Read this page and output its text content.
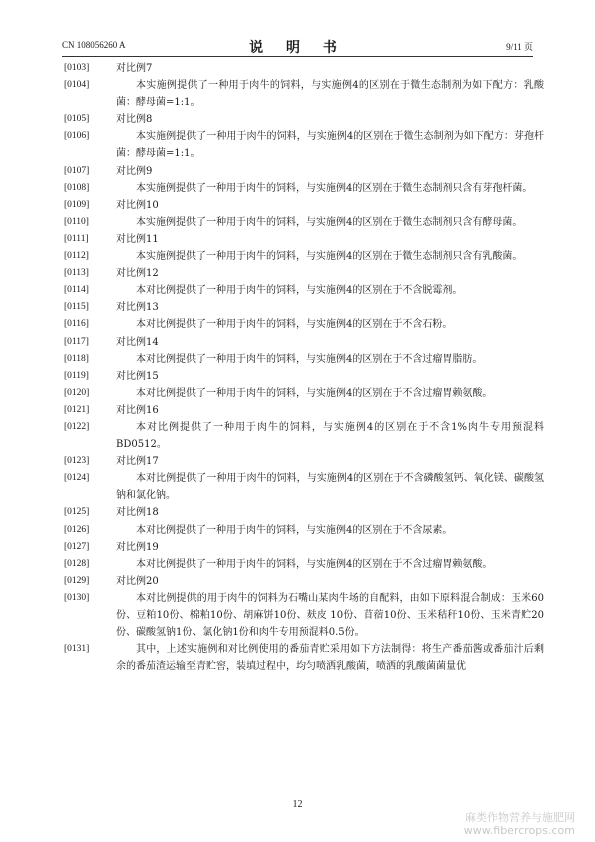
CN 108056260 A	说 明 书	9/11 页
[0103]	对比例7
[0104]	本实施例提供了一种用于肉牛的饲料，与实施例4的区别在于微生态制剂为如下配方：乳酸菌：酵母菌=1:1。
[0105]	对比例8
[0106]	本实施例提供了一种用于肉牛的饲料，与实施例4的区别在于微生态制剂为如下配方：芽孢杆菌：酵母菌=1:1。
[0107]	对比例9
[0108]	本实施例提供了一种用于肉牛的饲料，与实施例4的区别在于微生态制剂只含有芽孢杆菌。
[0109]	对比例10
[0110]	本实施例提供了一种用于肉牛的饲料，与实施例4的区别在于微生态制剂只含有酵母菌。
[0111]	对比例11
[0112]	本实施例提供了一种用于肉牛的饲料，与实施例4的区别在于微生态制剂只含有乳酸菌。
[0113]	对比例12
[0114]	本对比例提供了一种用于肉牛的饲料，与实施例4的区别在于不含脱霉剂。
[0115]	对比例13
[0116]	本对比例提供了一种用于肉牛的饲料，与实施例4的区别在于不含石粉。
[0117]	对比例14
[0118]	本对比例提供了一种用于肉牛的饲料，与实施例4的区别在于不含过瘤胃脂肪。
[0119]	对比例15
[0120]	本对比例提供了一种用于肉牛的饲料，与实施例4的区别在于不含过瘤胃赖氨酸。
[0121]	对比例16
[0122]	本对比例提供了一种用于肉牛的饲料，与实施例4的区别在于不含1%肉牛专用预混料BD0512。
[0123]	对比例17
[0124]	本对比例提供了一种用于肉牛的饲料，与实施例4的区别在于不含磷酸氢钙、氧化镁、碳酸氢钠和氯化钠。
[0125]	对比例18
[0126]	本对比例提供了一种用于肉牛的饲料，与实施例4的区别在于不含尿素。
[0127]	对比例19
[0128]	本对比例提供了一种用于肉牛的饲料，与实施例4的区别在于不含过瘤胃赖氨酸。
[0129]	对比例20
[0130]	本对比例提供的用于肉牛的饲料为石嘴山某肉牛场的自配料，由如下原料混合制成：玉米60份、豆粕10份、棉粕10份、胡麻饼10份、麸皮 10份、苜蓿10份、玉米秸秆10份、玉米青贮20份、碳酸氢钠1份、氯化钠1份和肉牛专用预混料0.5份。
[0131]	其中，上述实施例和对比例使用的番茄青贮采用如下方法制得：将生产番茄酱或番茄汁后剩余的番茄渣运输至青贮窖，装填过程中，均匀喷洒乳酸菌，喷洒的乳酸菌菌量优
12
麻类作物营养与施肥网
www.fibercrops.com
